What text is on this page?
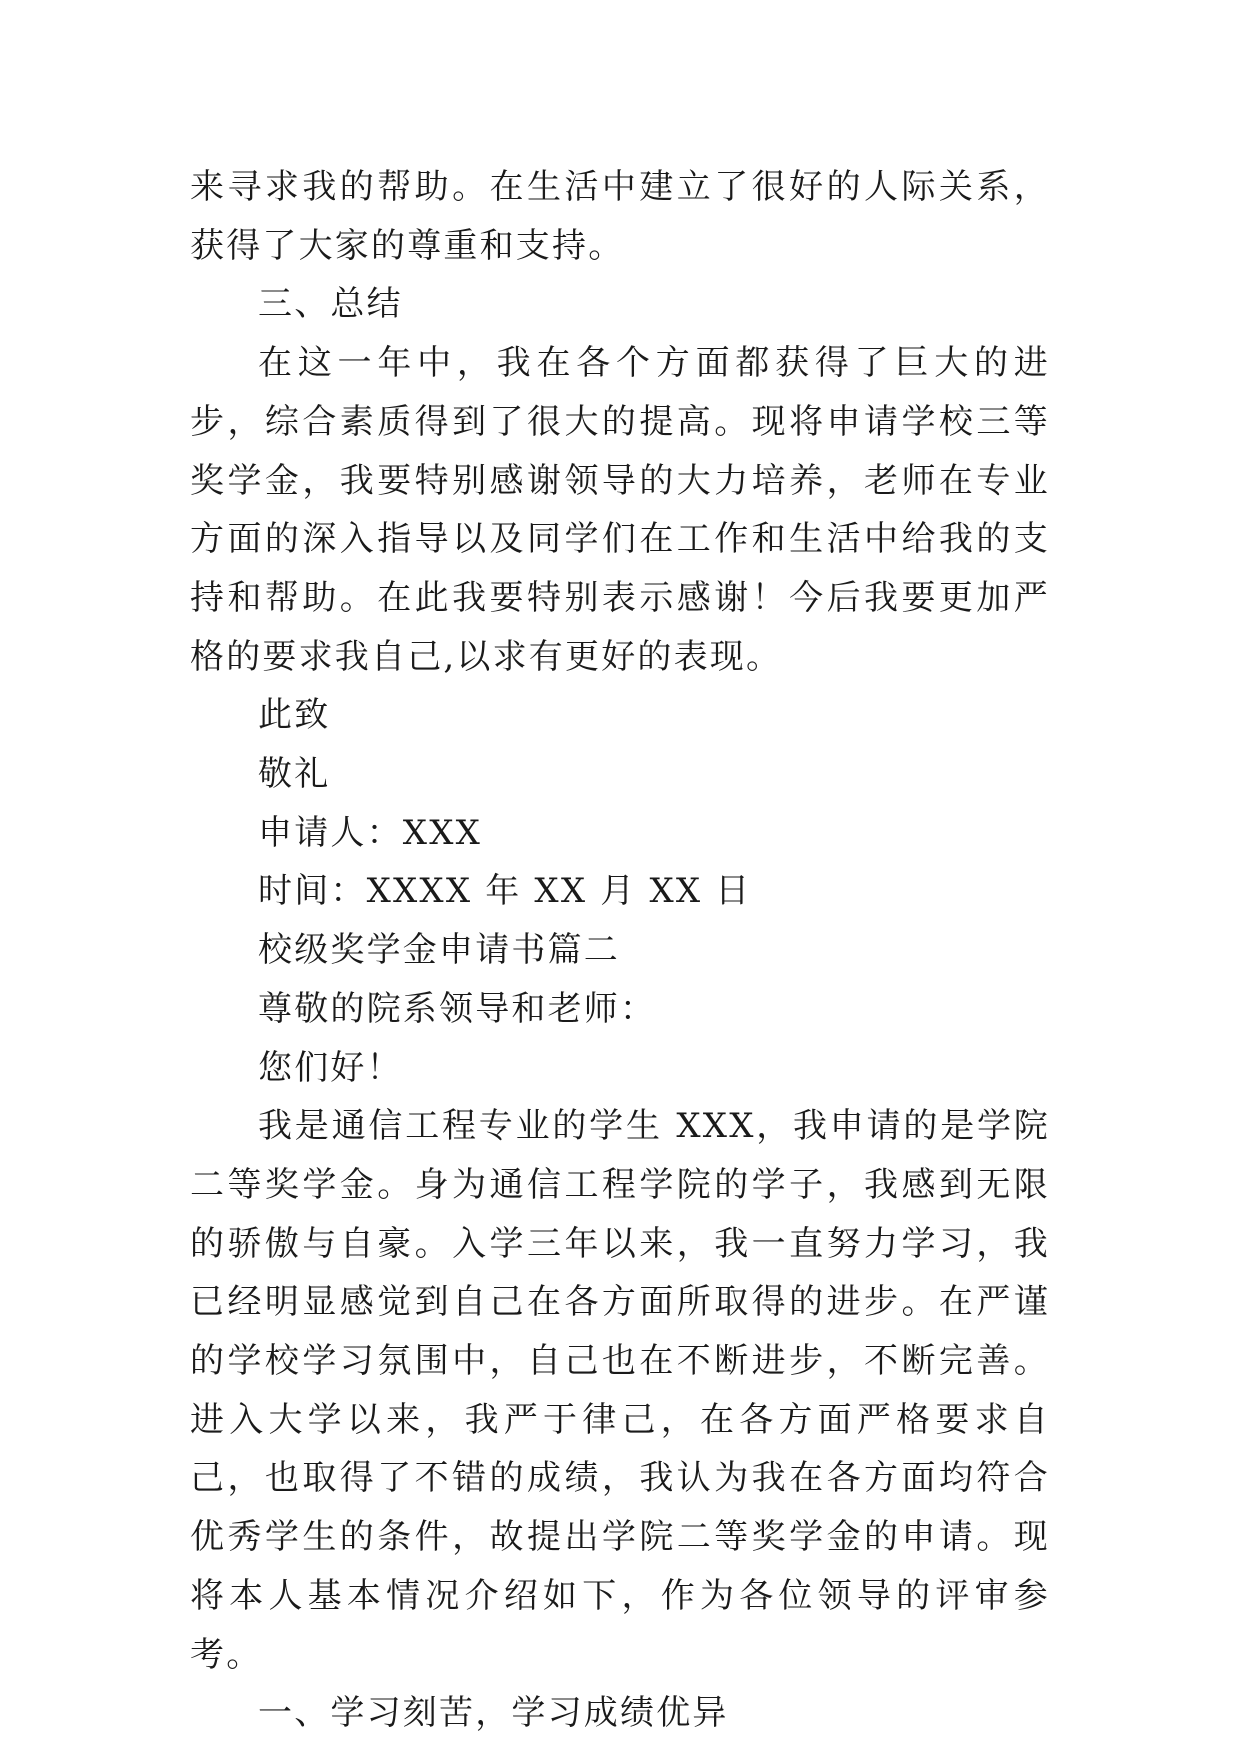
来寻求我的帮助。在生活中建立了很好的人际关系，获得了大家的尊重和支持。

三、总结

在这一年中，我在各个方面都获得了巨大的进步，综合素质得到了很大的提高。现将申请学校三等奖学金，我要特别感谢领导的大力培养，老师在专业方面的深入指导以及同学们在工作和生活中给我的支持和帮助。在此我要特别表示感谢！今后我要更加严格的要求我自己,以求有更好的表现。

此致

敬礼

申请人：XXX

时间：XXXX 年 XX 月 XX 日

校级奖学金申请书篇二

尊敬的院系领导和老师：

您们好！

我是通信工程专业的学生 XXX，我申请的是学院二等奖学金。身为通信工程学院的学子，我感到无限的骄傲与自豪。入学三年以来，我一直努力学习，我已经明显感觉到自己在各方面所取得的进步。在严谨的学校学习氛围中，自己也在不断进步，不断完善。进入大学以来，我严于律己，在各方面严格要求自己，也取得了不错的成绩，我认为我在各方面均符合优秀学生的条件，故提出学院二等奖学金的申请。现将本人基本情况介绍如下，作为各位领导的评审参考。

一、学习刻苦，学习成绩优异
